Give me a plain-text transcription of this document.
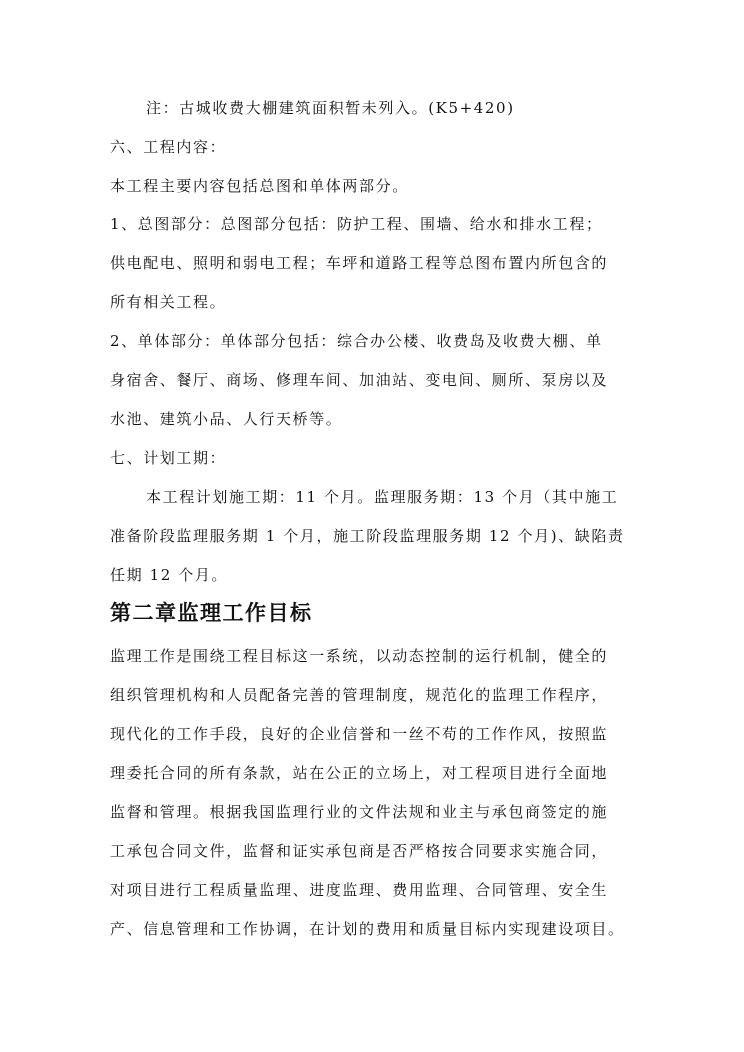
注：古城收费大棚建筑面积暂未列入。(K5+420)
六、工程内容：
本工程主要内容包括总图和单体两部分。
1、总图部分：总图部分包括：防护工程、围墙、给水和排水工程；
供电配电、照明和弱电工程；车坪和道路工程等总图布置内所包含的
所有相关工程。
2、单体部分：单体部分包括：综合办公楼、收费岛及收费大棚、单
身宿舍、餐厅、商场、修理车间、加油站、变电间、厕所、泵房以及
水池、建筑小品、人行天桥等。
七、计划工期：
本工程计划施工期：11 个月。监理服务期：13 个月（其中施工
准备阶段监理服务期 1 个月，施工阶段监理服务期 12 个月)、缺陷责
任期 12 个月。
第二章监理工作目标
监理工作是围绕工程目标这一系统，以动态控制的运行机制，健全的
组织管理机构和人员配备完善的管理制度，规范化的监理工作程序，
现代化的工作手段，良好的企业信誉和一丝不苟的工作作风，按照监
理委托合同的所有条款，站在公正的立场上，对工程项目进行全面地
监督和管理。根据我国监理行业的文件法规和业主与承包商签定的施
工承包合同文件，监督和证实承包商是否严格按合同要求实施合同，
对项目进行工程质量监理、进度监理、费用监理、合同管理、安全生
产、信息管理和工作协调，在计划的费用和质量目标内实现建设项目。
